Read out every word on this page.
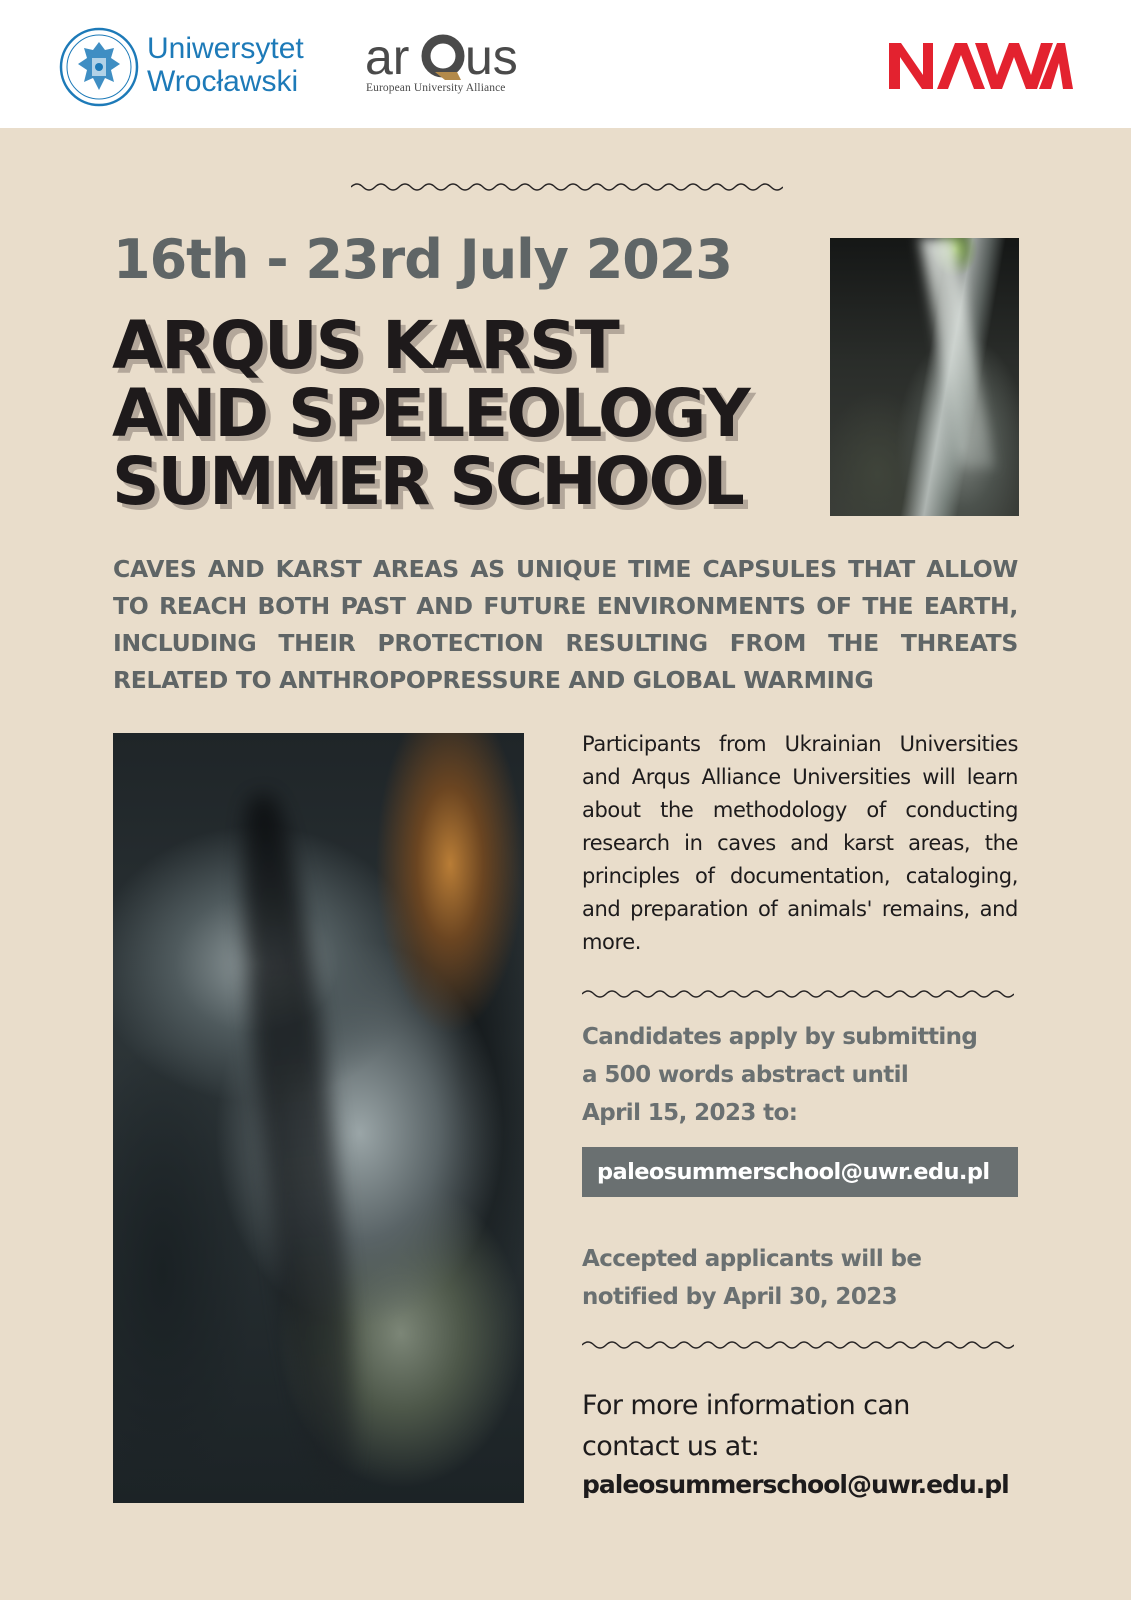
Uniwersytet
Wrocławski ar us
European University Alliance
16th - 23rd July 2023
ARQUS KARST
AND SPELEOLOGY
SUMMER SCHOOL
CAVES AND KARST AREAS AS UNIQUE TIME CAPSULES THAT ALLOW TO REACH BOTH PAST AND FUTURE ENVIRONMENTS OF THE EARTH, INCLUDING THEIR PROTECTION RESULTING FROM THE THREATS RELATED TO ANTHROPOPRESSURE AND GLOBAL WARMING
Participants from Ukrainian Universities and Arqus Alliance Universities will learn about the methodology of conducting research in caves and karst areas, the principles of documentation, cataloging, and preparation of animals' remains, and more.
Candidates apply by submitting
a 500 words abstract until
April 15, 2023 to:
paleosummerschool@uwr.edu.pl
Accepted applicants will be
notified by April 30, 2023
For more information can
contact us at:
paleosummerschool@uwr.edu.pl
